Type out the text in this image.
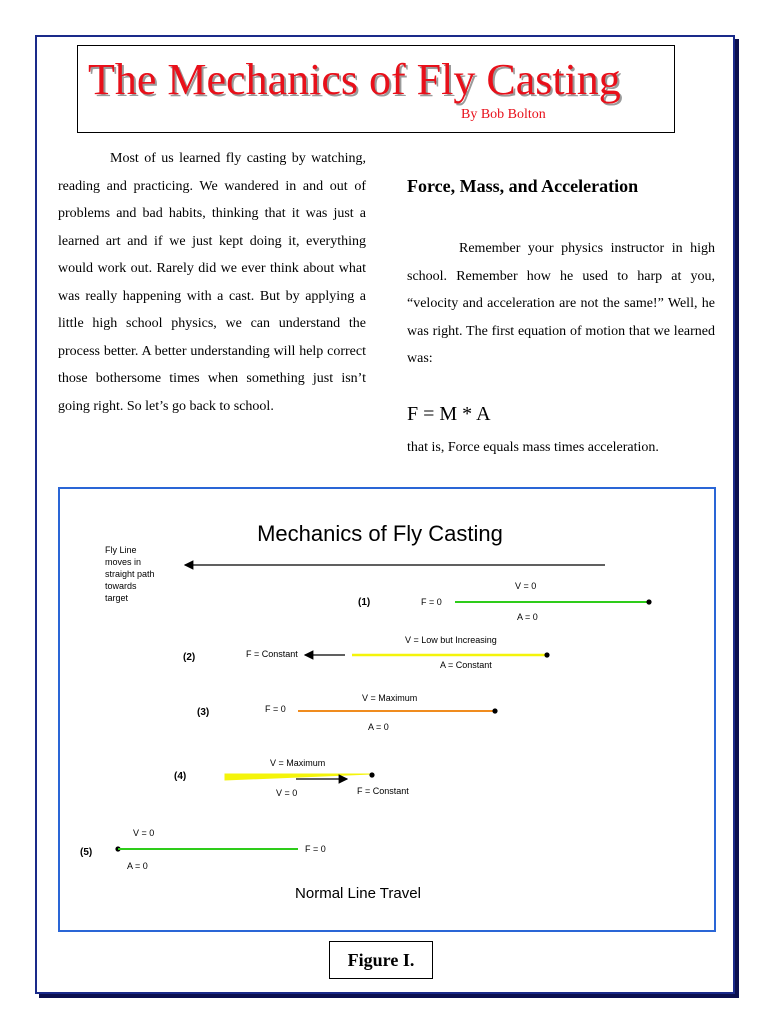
The Mechanics of Fly Casting
By Bob Bolton

Most of us learned fly casting by watching, reading and practicing. We wandered in and out of problems and bad habits, thinking that it was just a learned art and if we just kept doing it, everything would work out. Rarely did we ever think about what was really happening with a cast. But by applying a little high school physics, we can understand the process better. A better understanding will help correct those bothersome times when something just isn’t going right. So let’s go back to school.

Force, Mass, and Acceleration

Remember your physics instructor in high school. Remember how he used to harp at you, “velocity and acceleration are not the same!” Well, he was right. The first equation of motion that we learned was:

F = M * A
that is, Force equals mass times acceleration.
Mechanics of Fly Casting
Fly Line
moves in
straight path
towards
target	(1)	F = 0
V = 0
A = 0
(2)	F = Constant
V = Low but Increasing
A = Constant
(3)	F = 0
V = Maximum
A = 0
(4)
V = Maximum
V = 0	F = Constant
(5)
V = 0
F = 0
A = 0
Normal Line Travel
Figure I.
